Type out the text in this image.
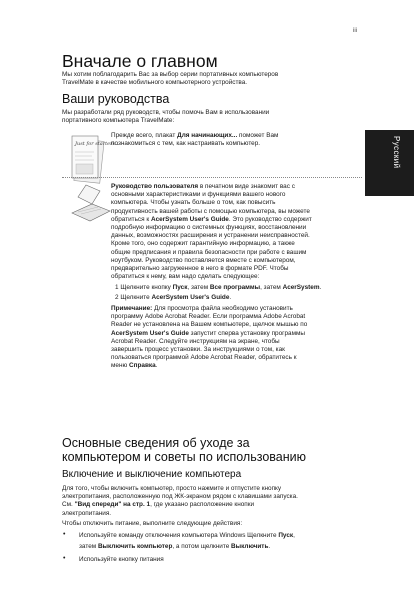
iii
Русский
Вначале о главном
Мы хотим поблагодарить Вас за выбор серии портативных компьютеров
TravelMate в качестве мобильного компьютерного устройства.
Ваши руководства
Мы разработали ряд руководств, чтобы помочь Вам в использовании
портативного компьютера TravelMate:
Just for starters...
Прежде всего, плакат Для начинающих... поможет Вам
познакомиться с тем, как настраивать компьютер.
Руководство пользователя в печатном виде знакомит вас с
основными характеристиками и функциями вашего нового
компьютера. Чтобы узнать больше о том, как повысить
продуктивность вашей работы с помощью компьютера, вы можете
обратиться к AcerSystem User's Guide. Это руководство содержит
подробную информацию о системных функциях, восстановлении
данных, возможностях расширения и устранении неисправностей.
Кроме того, оно содержит гарантийную информацию, а также
общие предписания и правила безопасности при работе с вашим
ноутбуком. Руководство поставляется вместе с компьютером,
предварительно загруженное в него в формате PDF. Чтобы
обратиться к нему, вам надо сделать следующее:
1 Щелкните кнопку Пуск, затем Все программы, затем AcerSystem.
2 Щелкните AcerSystem User's Guide.
Примечание: Для просмотра файла необходимо установить
программу Adobe Acrobat Reader. Если программа Adobe Acrobat
Reader не установлена на Вашем компьютере, щелчок мышью по
AcerSystem User's Guide запустит сперва установку программы
Acrobat Reader. Следуйте инструкциям на экране, чтобы
завершить процесс установки. За инструкциями о том, как
пользоваться программой Adobe Acrobat Reader, обратитесь к
меню Справка.
Основные сведения об уходе за
компьютером и советы по использованию
Включение и выключение компьютера
Для того, чтобы включить компьютер, просто нажмите и отпустите кнопку
электропитания, расположенную под ЖК-экраном рядом с клавишами запуска.
См. "Вид спереди" на стр. 1, где указано расположение кнопки
электропитания.
Чтобы отключить питание, выполните следующие действия:
• Используйте команду отключения компьютера Windows Щелкните Пуск,
затем Выключить компьютер, а потом щелкните Выключить.
• Используйте кнопку питания
